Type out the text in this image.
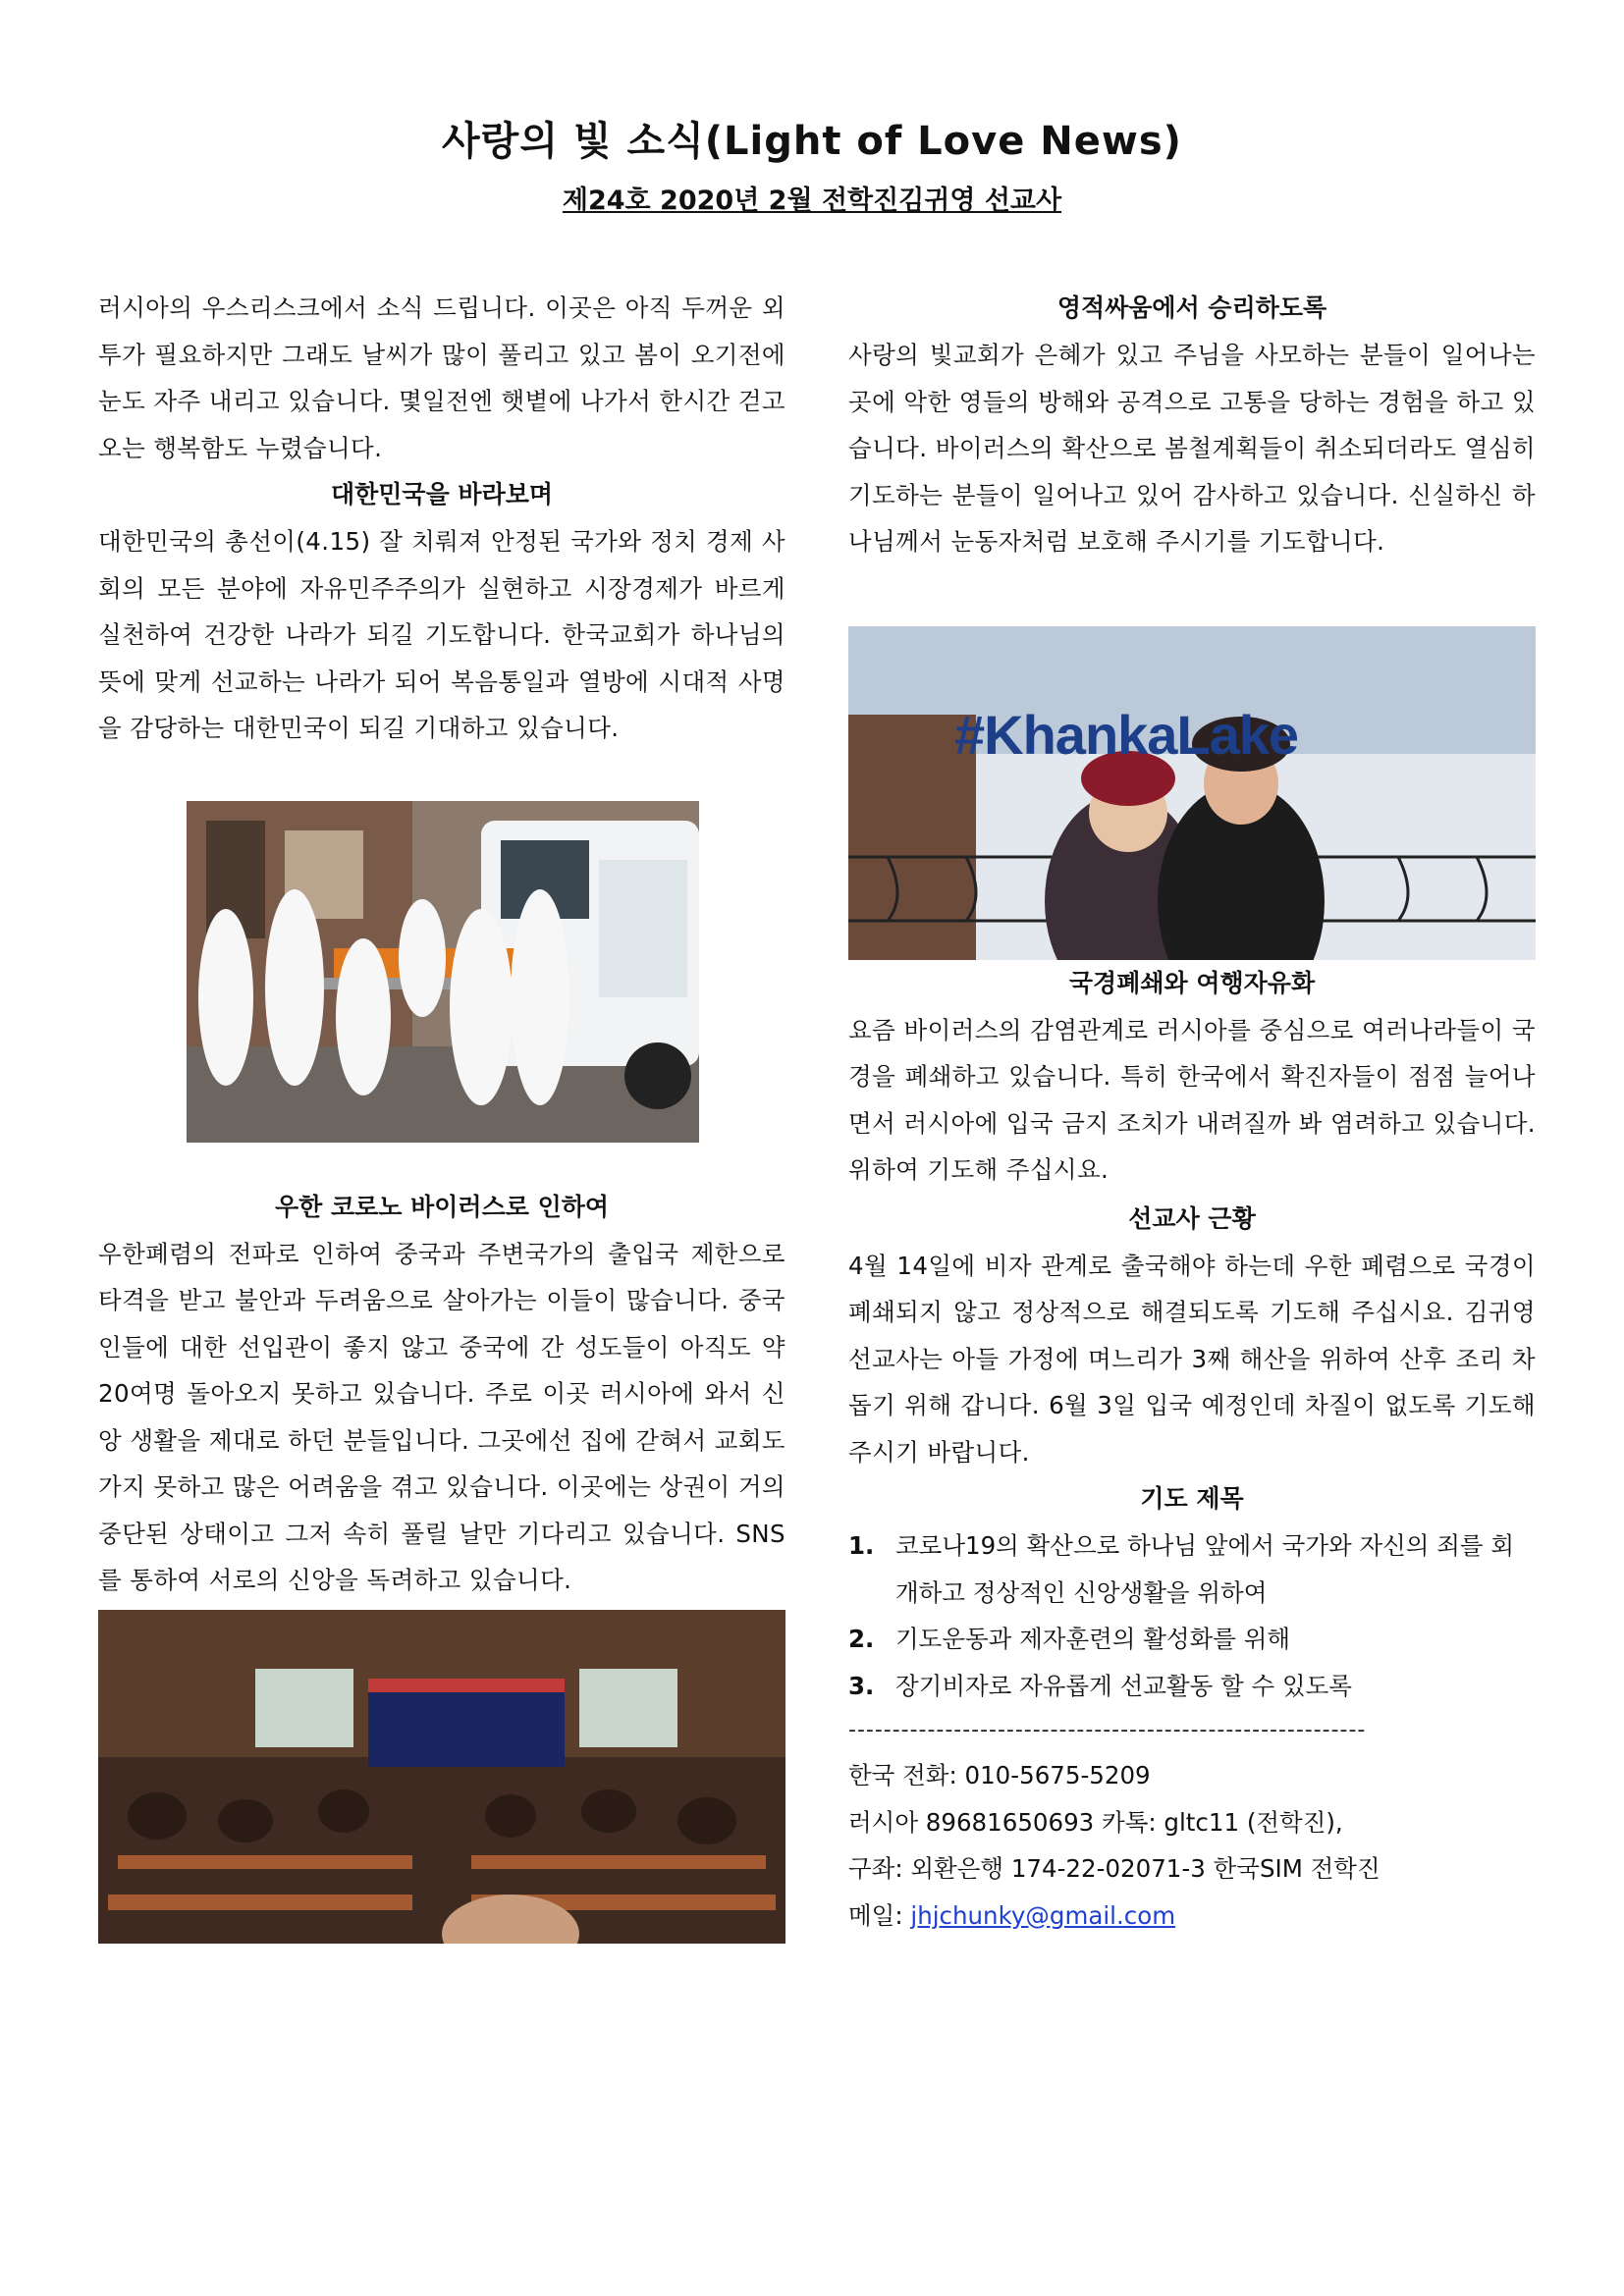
사랑의 빛 소식(Light of Love News)
제24호 2020년 2월 전학진김귀영 선교사

러시아의 우스리스크에서 소식 드립니다. 이곳은 아직 두꺼운 외투가 필요하지만 그래도 날씨가 많이 풀리고 있고 봄이 오기전에 눈도 자주 내리고 있습니다. 몇일전엔 햇볕에 나가서 한시간 걷고 오는 행복함도 누렸습니다.

대한민국을 바라보며

대한민국의 총선이(4.15) 잘 치뤄져 안정된 국가와 정치 경제 사회의 모든 분야에 자유민주주의가 실현하고 시장경제가 바르게 실천하여 건강한 나라가 되길 기도합니다. 한국교회가 하나님의 뜻에 맞게 선교하는 나라가 되어 복음통일과 열방에 시대적 사명을 감당하는 대한민국이 되길 기대하고 있습니다.

우한 코로노 바이러스로 인하여

우한폐렴의 전파로 인하여 중국과 주변국가의 출입국 제한으로 타격을 받고 불안과 두려움으로 살아가는 이들이 많습니다. 중국인들에 대한 선입관이 좋지 않고 중국에 간 성도들이 아직도 약 20여명 돌아오지 못하고 있습니다. 주로 이곳 러시아에 와서 신앙 생활을 제대로 하던 분들입니다. 그곳에선 집에 갇혀서 교회도 가지 못하고 많은 어려움을 겪고 있습니다. 이곳에는 상권이 거의 중단된 상태이고 그저 속히 풀릴 날만 기다리고 있습니다. SNS를 통하여 서로의 신앙을 독려하고 있습니다.

영적싸움에서 승리하도록

사랑의 빛교회가 은혜가 있고 주님을 사모하는 분들이 일어나는 곳에 악한 영들의 방해와 공격으로 고통을 당하는 경험을 하고 있습니다. 바이러스의 확산으로 봄철계획들이 취소되더라도 열심히 기도하는 분들이 일어나고 있어 감사하고 있습니다. 신실하신 하나님께서 눈동자처럼 보호해 주시기를 기도합니다.

#KhankaLake
국경폐쇄와 여행자유화

요즘 바이러스의 감염관계로 러시아를 중심으로 여러나라들이 국경을 폐쇄하고 있습니다. 특히 한국에서 확진자들이 점점 늘어나면서 러시아에 입국 금지 조치가 내려질까 봐 염려하고 있습니다. 위하여 기도해 주십시요.

선교사 근황

4월 14일에 비자 관계로 출국해야 하는데 우한 폐렴으로 국경이 폐쇄되지 않고 정상적으로 해결되도록 기도해 주십시요. 김귀영 선교사는 아들 가정에 며느리가 3째 해산을 위하여 산후 조리 차 돕기 위해 갑니다. 6월 3일 입국 예정인데 차질이 없도록 기도해 주시기 바랍니다.

기도 제목
1. 코로나19의 확산으로 하나님 앞에서 국가와 자신의 죄를 회개하고 정상적인 신앙생활을 위하여
2. 기도운동과 제자훈련의 활성화를 위해
3. 장기비자로 자유롭게 선교활동 할 수 있도록
-----------------------------------------------------------

한국 전화: 010-5675-5209

러시아 89681650693 카톡: gltc11 (전학진),

구좌: 외환은행 174-22-02071-3 한국SIM 전학진

메일: jhjchunky@gmail.com
